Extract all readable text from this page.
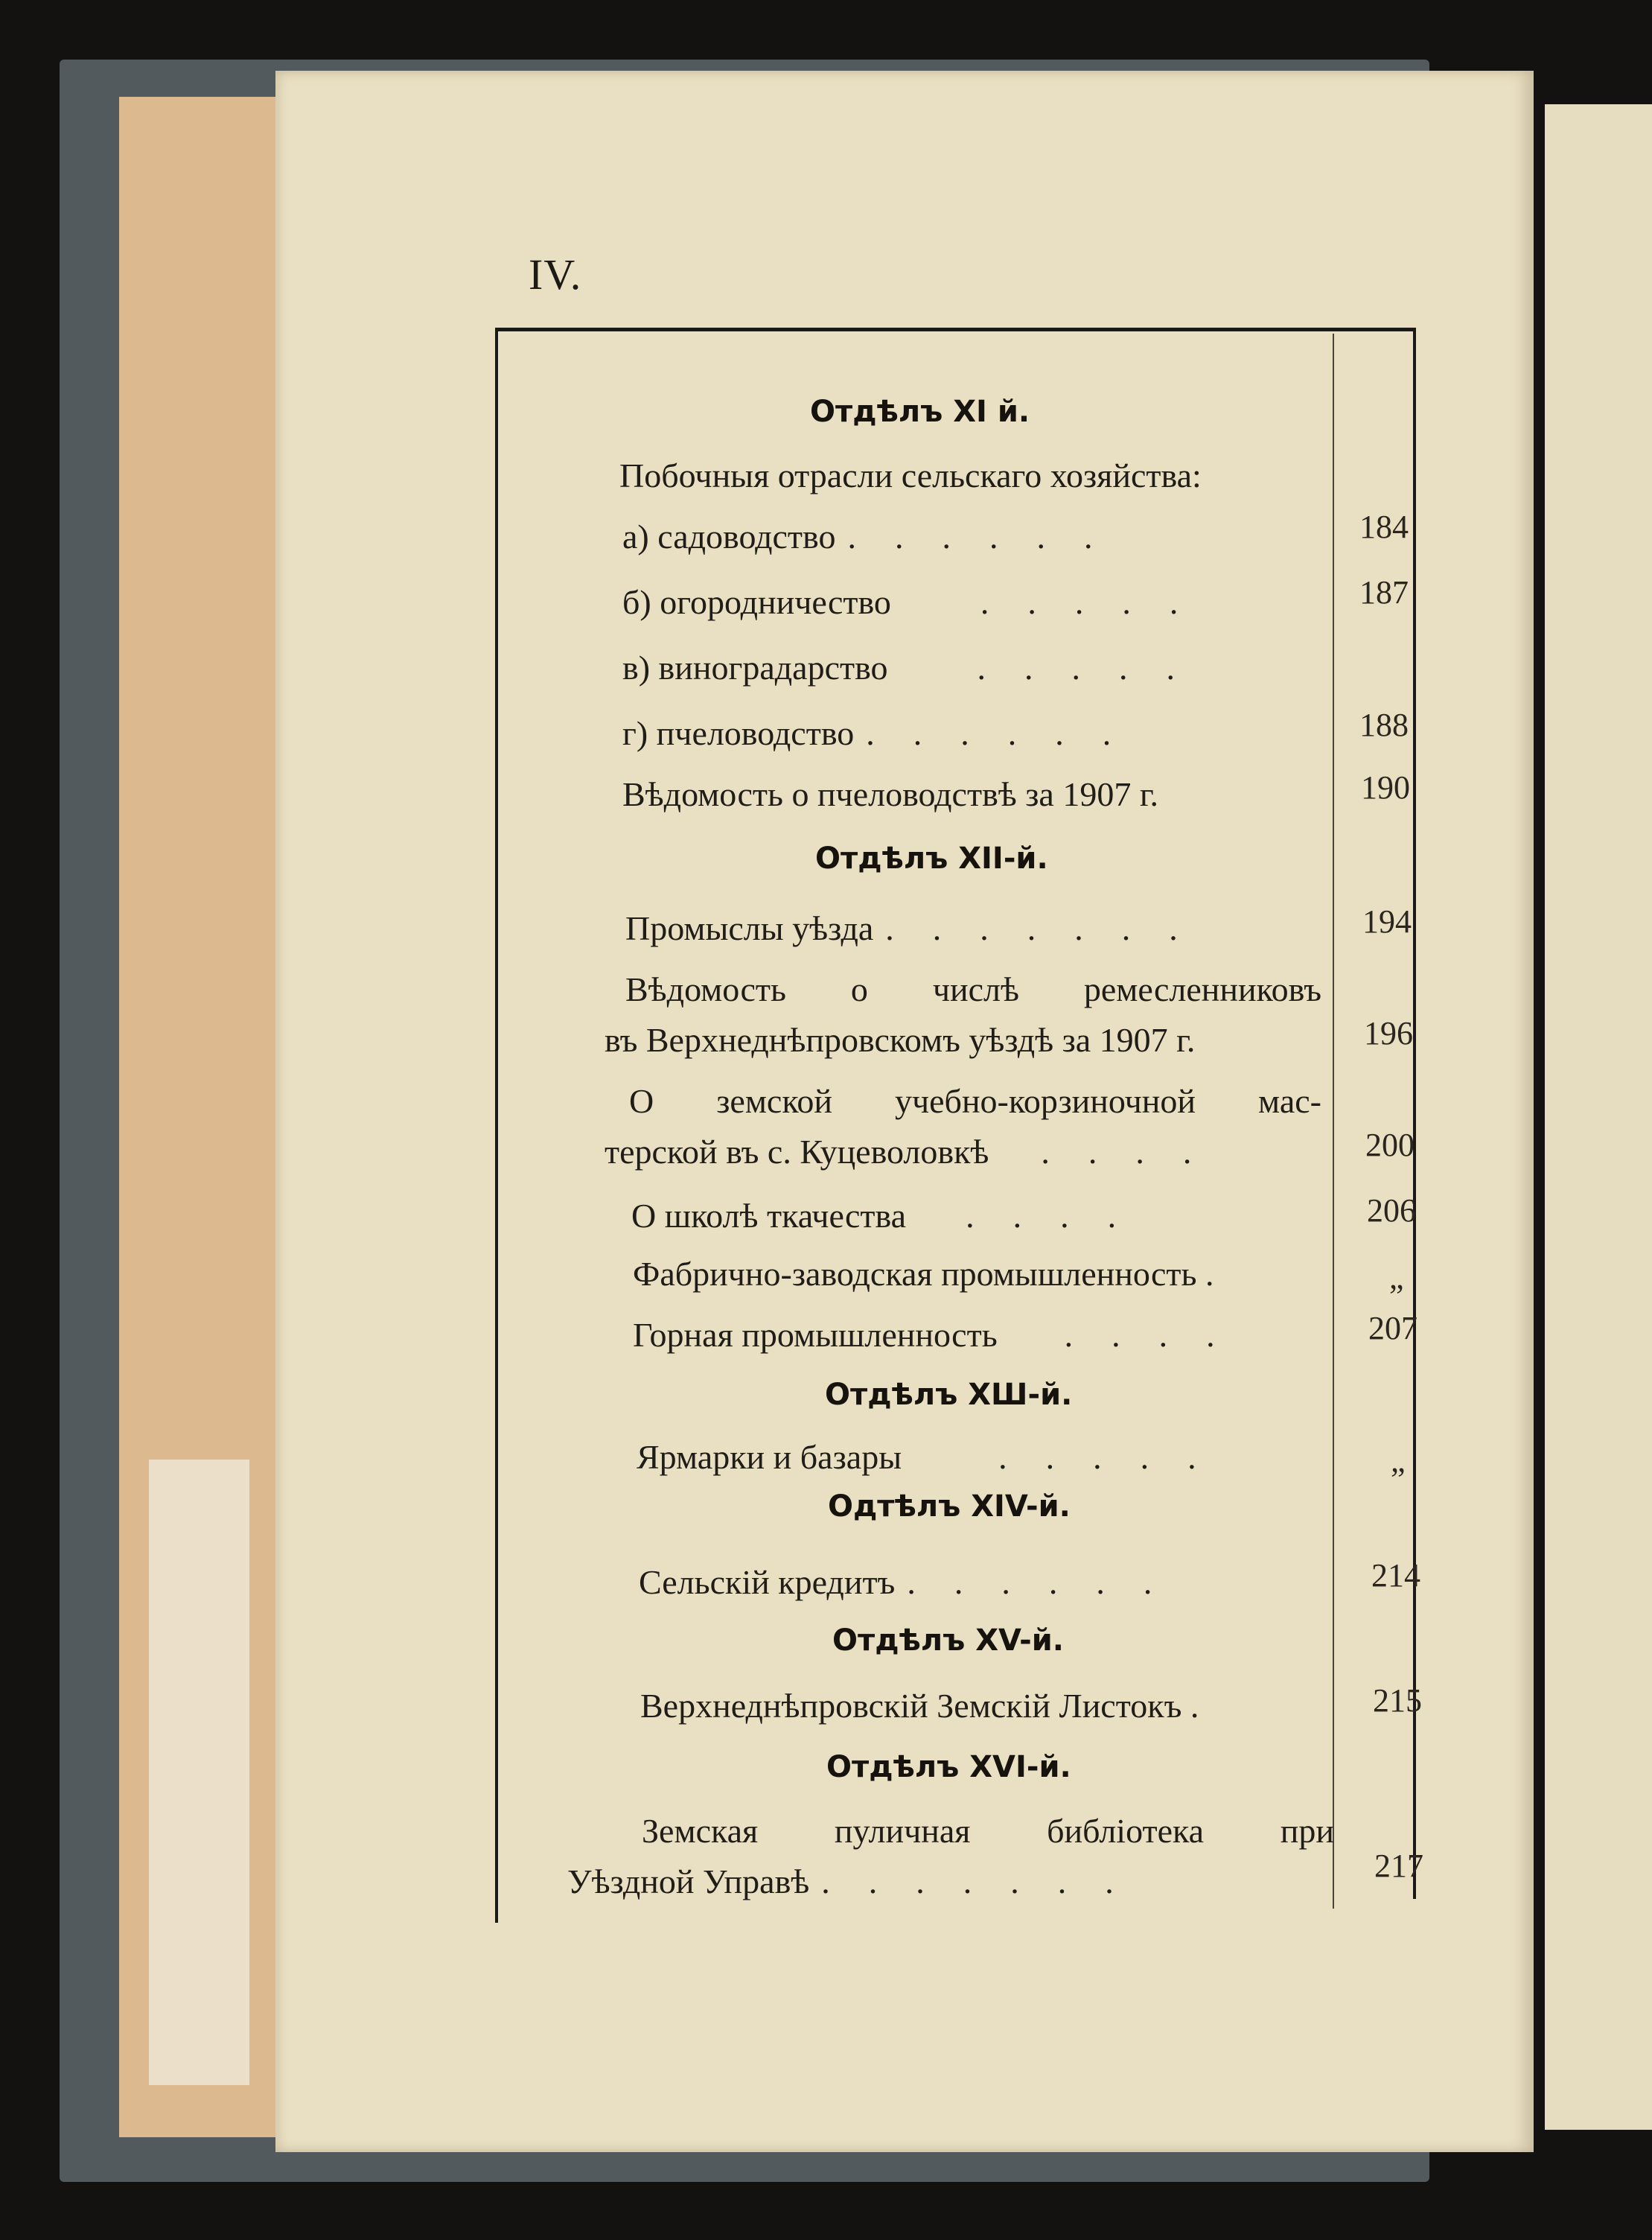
IV.
Отдѣлъ XI й.
Побочныя отрасли сельскаго хозяйства:
а) садоводство ......	184
б) огородничество	.....	187
в) виноградарство	.....
г) пчеловодство ......	188
Вѣдомость о пчеловодствѣ за 1907 г.	190
Отдѣлъ XII-й.
Промыслы уѣзда .......	194
Вѣдомость о числѣ ремесленниковъ
въ Верхнеднѣпровскомъ уѣздѣ за 1907 г.	196
О земской учебно-корзиночной мас-
терской въ с. Куцеволовкѣ ....	200
О школѣ ткачества ....	206
Фабрично-заводская промышленность .	„
Горная промышленность ....	207
Отдѣлъ XШ-й.
Ярмарки и базары	.....	„
Одтѣлъ XIV-й.
Сельскій кредитъ ......	214
Отдѣлъ XV-й.
Верхнеднѣпровскій Земскій Листокъ .	215
Отдѣлъ XVI-й.
Земская пуличная библіотека при
Уѣздной Управѣ .......	217
